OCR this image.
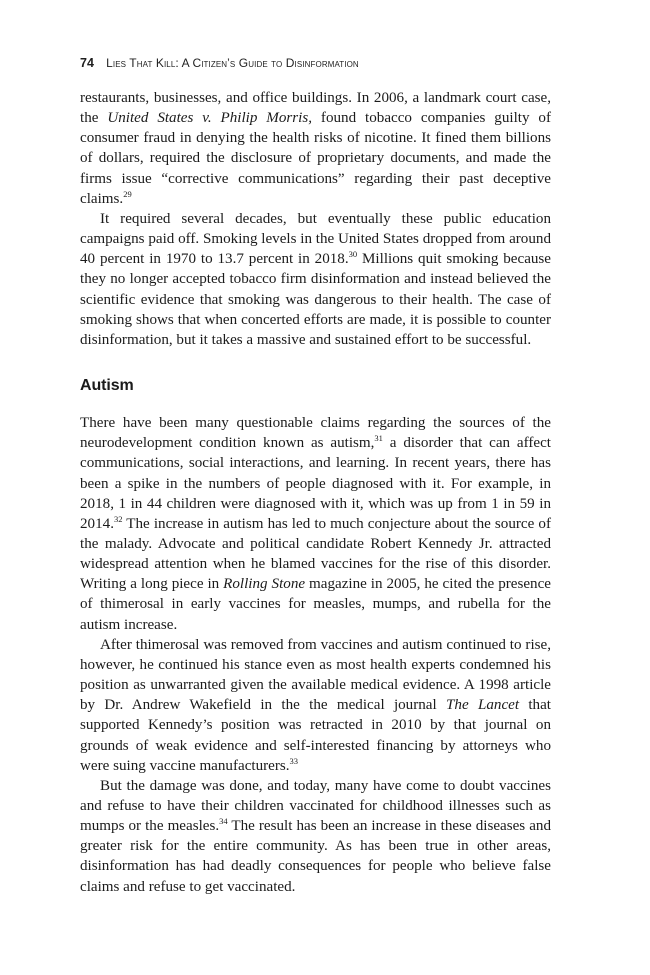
74 Lies That Kill: A Citizen’s Guide to Disinformation

restaurants, businesses, and office buildings. In 2006, a landmark court case, the United States v. Philip Morris, found tobacco companies guilty of consumer fraud in denying the health risks of nicotine. It fined them billions of dollars, required the disclosure of proprietary documents, and made the firms issue “corrective communications” regarding their past deceptive claims.$^{29}$

It required several decades, but eventually these public education campaigns paid off. Smoking levels in the United States dropped from around 40 percent in 1970 to 13.7 percent in 2018.30 Millions quit smoking because they no longer accepted tobacco firm disinformation and instead believed the scientific evidence that smoking was dangerous to their health. The case of smoking shows that when concerted efforts are made, it is possible to counter disinformation, but it takes a massive and sustained effort to be successful.

Autism

There have been many questionable claims regarding the sources of the neurodevelopment condition known as autism,$^{31}$ a disorder that can affect communications, social interactions, and learning. In recent years, there has been a spike in the numbers of people diagnosed with it. For example, in 2018, 1 in 44 children were diagnosed with it, which was up from 1 in 59 in 2014.32 The increase in autism has led to much conjecture about the source of the malady. Advocate and political candidate Robert Kennedy Jr. attracted widespread attention when he blamed vaccines for the rise of this disorder. Writing a long piece in Rolling Stone magazine in 2005, he cited the presence of thimerosal in early vaccines for measles, mumps, and rubella for the autism increase.

After thimerosal was removed from vaccines and autism continued to rise, however, he continued his stance even as most health experts condemned his position as unwarranted given the available medical evidence. A 1998 article by Dr. Andrew Wakefield in the the medical journal The Lancet that supported Kennedy’s position was retracted in 2010 by that journal on grounds of weak evidence and self-interested financing by attorneys who were suing vaccine manufacturers.$^{33}$

But the damage was done, and today, many have come to doubt vaccines and refuse to have their children vaccinated for childhood illnesses such as mumps or the measles.$^{34}$ The result has been an increase in these diseases and greater risk for the entire community. As has been true in other areas, disinformation has had deadly consequences for people who believe false claims and refuse to get vaccinated.
